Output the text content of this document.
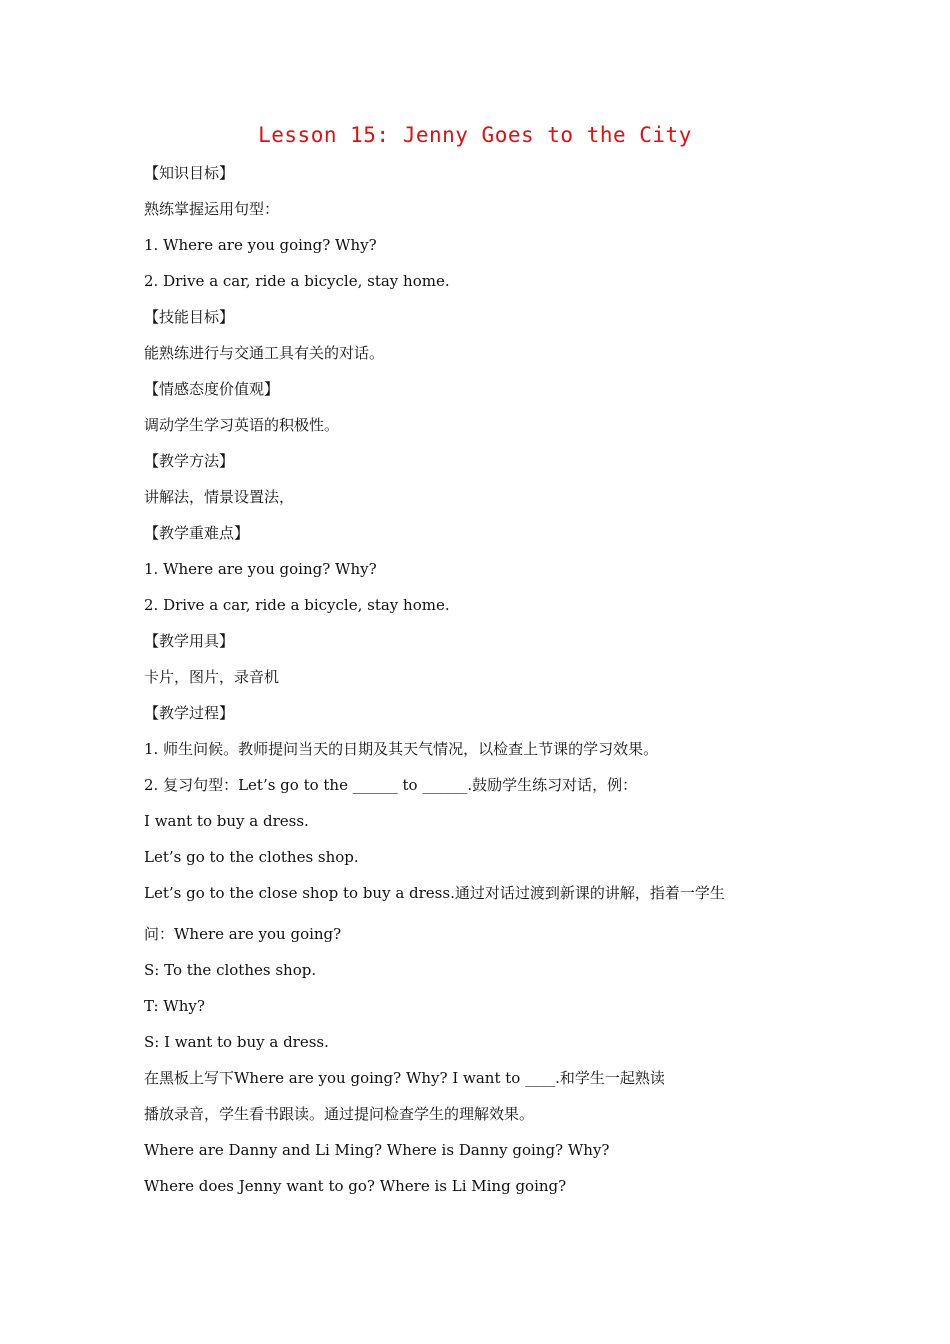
Lesson 15: Jenny Goes to the City
【知识目标】
熟练掌握运用句型：
1. Where are you going? Why?
2. Drive a car, ride a bicycle, stay home.
【技能目标】
能熟练进行与交通工具有关的对话。
【情感态度价值观】
调动学生学习英语的积极性。
【教学方法】
讲解法，情景设置法，
【教学重难点】
1. Where are you going? Why?
2. Drive a car, ride a bicycle, stay home.
【教学用具】
卡片，图片，录音机
【教学过程】
1. 师生问候。教师提问当天的日期及其天气情况，以检查上节课的学习效果。
2. 复习句型：Let’s go to the ______ to ______.鼓励学生练习对话，例：
I want to buy a dress.
Let’s go to the clothes shop.
Let’s go to the close shop to buy a dress.通过对话过渡到新课的讲解，指着一学生
问：Where are you going?
S: To the clothes shop.
T: Why?
S: I want to buy a dress.
在黑板上写下Where are you going? Why? I want to ____.和学生一起熟读
播放录音，学生看书跟读。通过提问检查学生的理解效果。
Where are Danny and Li Ming? Where is Danny going? Why?
Where does Jenny want to go? Where is Li Ming going?
